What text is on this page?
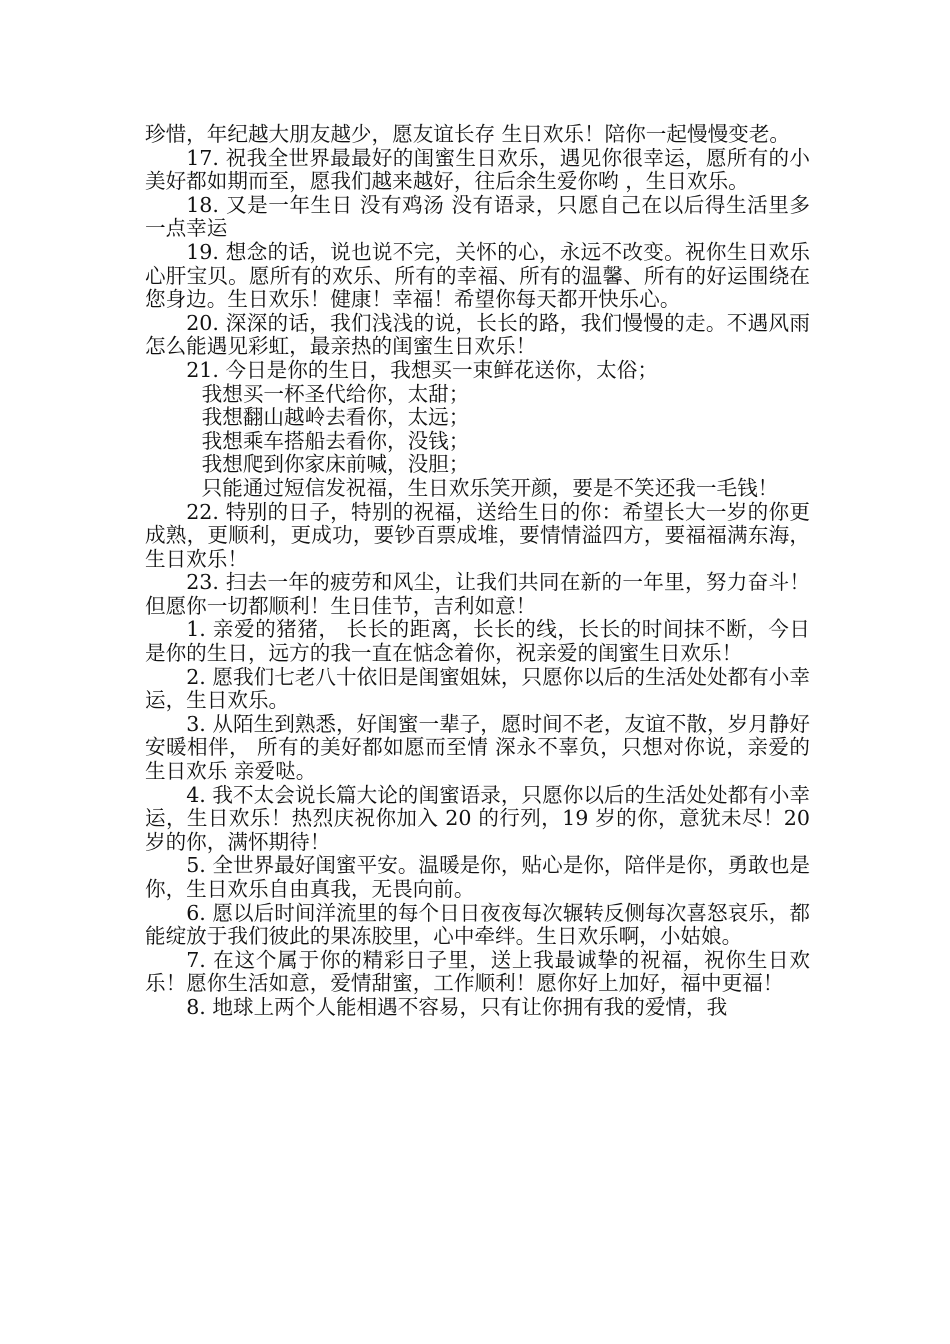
珍惜，年纪越大朋友越少，愿友谊长存 生日欢乐！陪你一起慢慢变老。

17. 祝我全世界最最好的闺蜜生日欢乐，遇见你很幸运，愿所有的小美好都如期而至，愿我们越来越好，往后余生爱你哟 ，生日欢乐。

18. 又是一年生日 没有鸡汤 没有语录，只愿自己在以后得生活里多一点幸运

19. 想念的话，说也说不完，关怀的心，永远不改变。祝你生日欢乐心肝宝贝。愿所有的欢乐、所有的幸福、所有的温馨、所有的好运围绕在您身边。生日欢乐！健康！幸福！希望你每天都开快乐心。

20. 深深的话，我们浅浅的说，长长的路，我们慢慢的走。不遇风雨怎么能遇见彩虹，最亲热的闺蜜生日欢乐！

21. 今日是你的生日，我想买一束鲜花送你，太俗；

我想买一杯圣代给你，太甜；

我想翻山越岭去看你，太远；

我想乘车搭船去看你，没钱；

我想爬到你家床前喊，没胆；

只能通过短信发祝福，生日欢乐笑开颜，要是不笑还我一毛钱！

22. 特别的日子，特别的祝福，送给生日的你：希望长大一岁的你更成熟，更顺利，更成功，要钞百票成堆，要情情溢四方，要福福满东海，生日欢乐！

23. 扫去一年的疲劳和风尘，让我们共同在新的一年里，努力奋斗！但愿你一切都顺利！生日佳节，吉利如意！

1. 亲爱的猪猪， 长长的距离，长长的线，长长的时间抹不断，今日是你的生日，远方的我一直在惦念着你，祝亲爱的闺蜜生日欢乐！

2. 愿我们七老八十依旧是闺蜜姐妹，只愿你以后的生活处处都有小幸运，生日欢乐。

3. 从陌生到熟悉，好闺蜜一辈子，愿时间不老，友谊不散，岁月静好 安暖相伴， 所有的美好都如愿而至情 深永不辜负，只想对你说，亲爱的生日欢乐 亲爱哒。

4. 我不太会说长篇大论的闺蜜语录，只愿你以后的生活处处都有小幸运，生日欢乐！热烈庆祝你加入 20 的行列，19 岁的你，意犹未尽！20 岁的你，满怀期待！

5. 全世界最好闺蜜平安。温暖是你，贴心是你，陪伴是你，勇敢也是你，生日欢乐自由真我，无畏向前。

6. 愿以后时间洋流里的每个日日夜夜每次辗转反侧每次喜怒哀乐，都能绽放于我们彼此的果冻胶里，心中牵绊。生日欢乐啊，小姑娘。

7. 在这个属于你的精彩日子里，送上我最诚挚的祝福，祝你生日欢乐！愿你生活如意，爱情甜蜜，工作顺利！愿你好上加好，福中更福！

8. 地球上两个人能相遇不容易，只有让你拥有我的爱情，我
